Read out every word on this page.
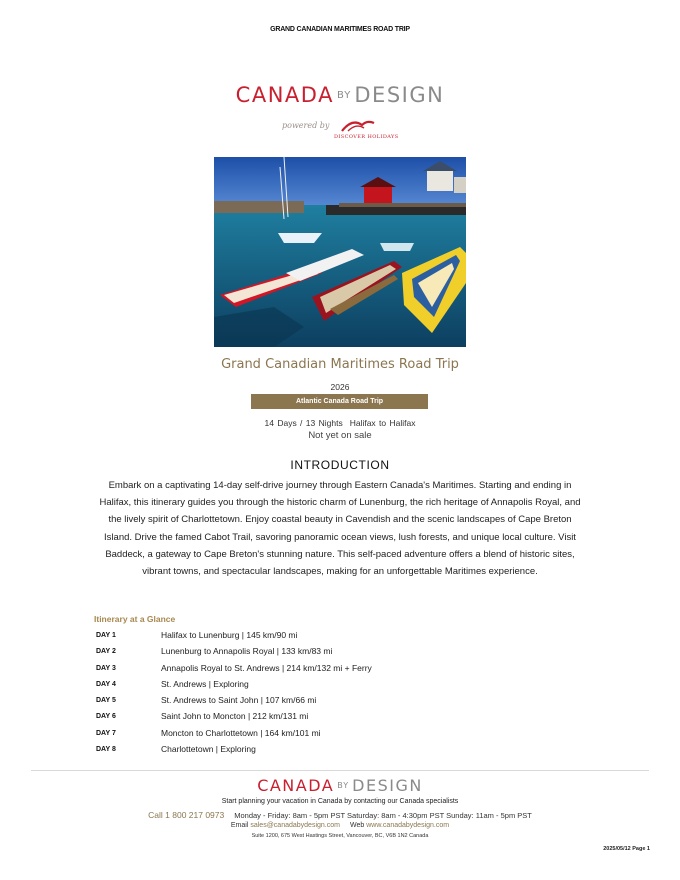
GRAND CANADIAN MARITIMES ROAD TRIP
CANADA BY DESIGN
powered by
DISCOVER HOLIDAYS
Grand Canadian Maritimes Road Trip
2026
Atlantic Canada Road Trip
14 Days / 13 Nights Halifax to Halifax
Not yet on sale
INTRODUCTION
Embark on a captivating 14-day self-drive journey through Eastern Canada's Maritimes. Starting and ending in Halifax, this itinerary guides you through the historic charm of Lunenburg, the rich heritage of Annapolis Royal, and the lively spirit of Charlottetown. Enjoy coastal beauty in Cavendish and the scenic landscapes of Cape Breton Island. Drive the famed Cabot Trail, savoring panoramic ocean views, lush forests, and unique local culture. Visit Baddeck, a gateway to Cape Breton's stunning nature. This self-paced adventure offers a blend of historic sites, vibrant towns, and spectacular landscapes, making for an unforgettable Maritimes experience.
Itinerary at a Glance
DAY 1	Halifax to Lunenburg | 145 km/90 mi
DAY 2	Lunenburg to Annapolis Royal | 133 km/83 mi
DAY 3	Annapolis Royal to St. Andrews | 214 km/132 mi + Ferry
DAY 4	St. Andrews | Exploring
DAY 5	St. Andrews to Saint John | 107 km/66 mi
DAY 6	Saint John to Moncton | 212 km/131 mi
DAY 7	Moncton to Charlottetown | 164 km/101 mi
DAY 8	Charlottetown | Exploring
CANADA BY DESIGN
Start planning your vacation in Canada by contacting our Canada specialists
Call 1 800 217 0973 Monday - Friday: 8am - 5pm PST Saturday: 8am - 4:30pm PST Sunday: 11am - 5pm PST
Email sales@canadabydesign.com Web www.canadabydesign.com
Suite 1200, 675 West Hastings Street, Vancouver, BC, V6B 1N2 Canada
2025/05/12 Page 1
